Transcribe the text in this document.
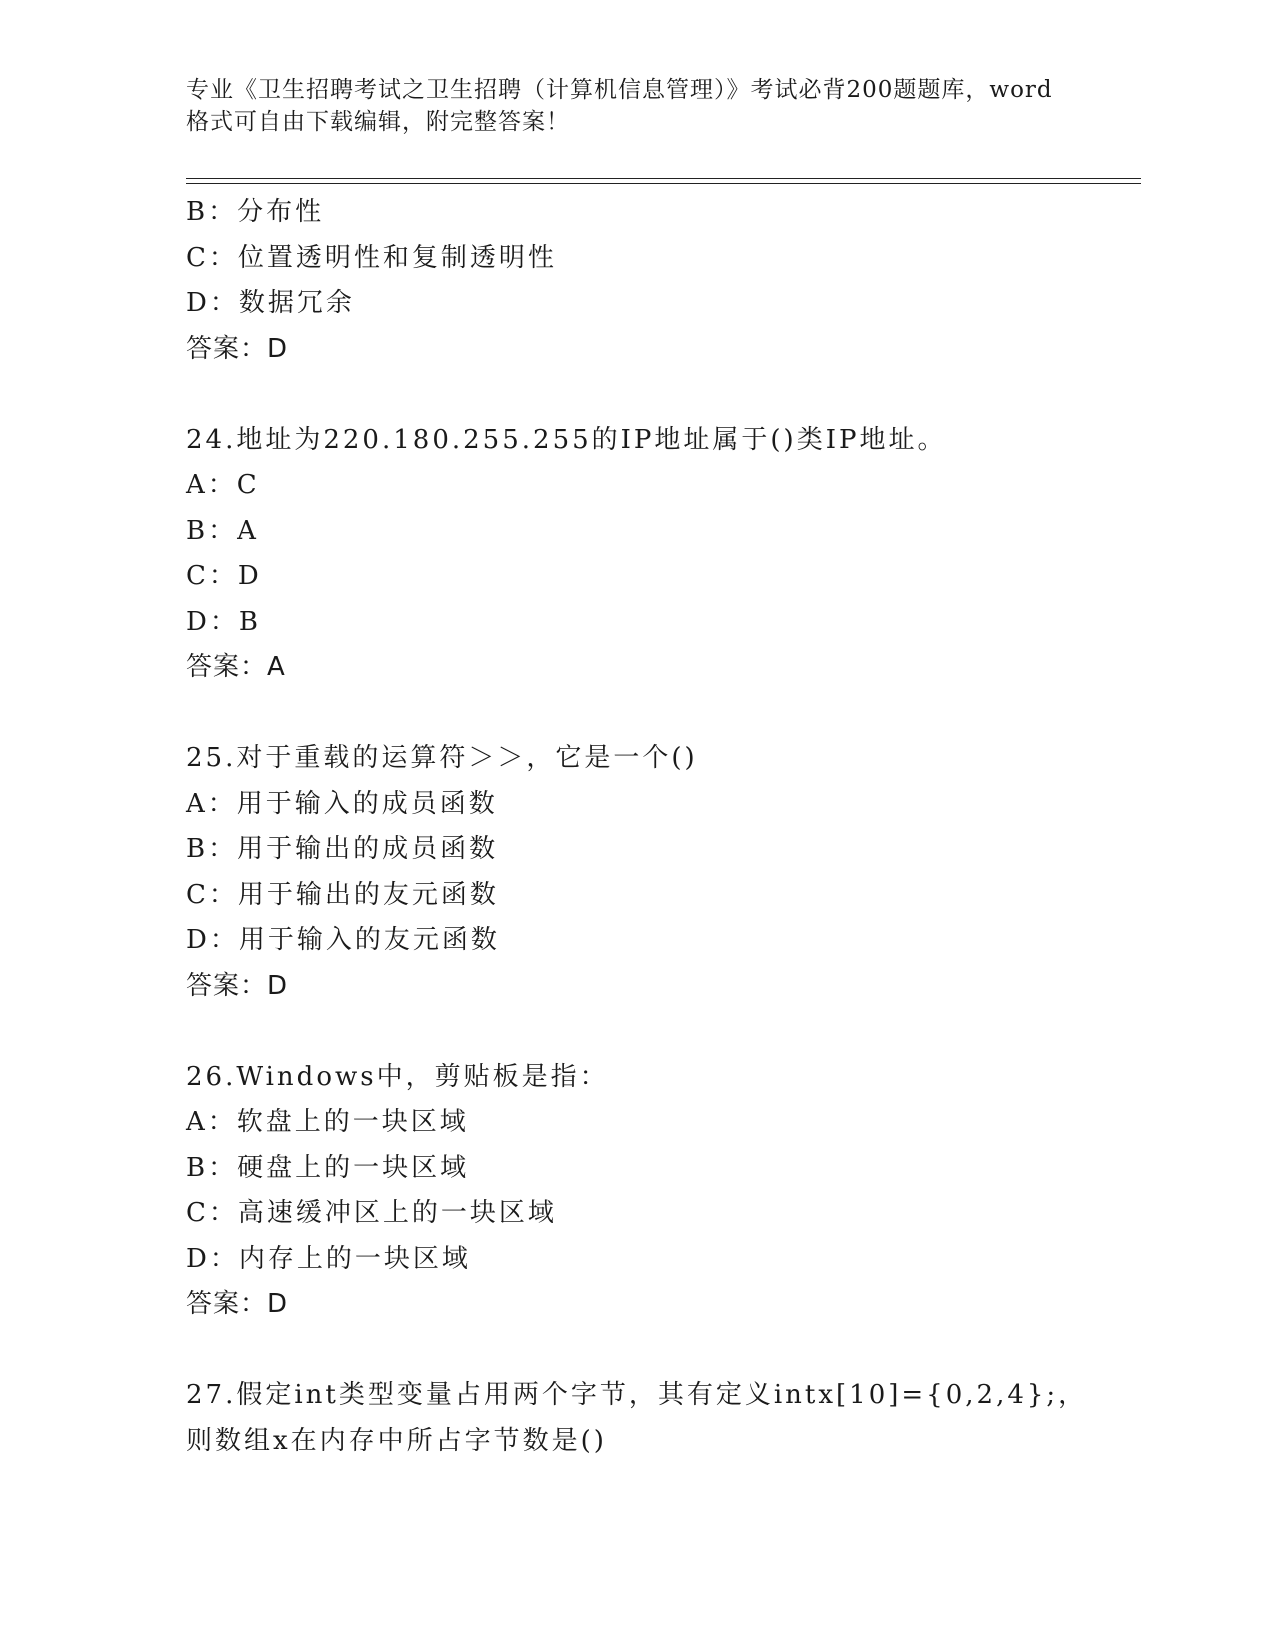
专业《卫生招聘考试之卫生招聘（计算机信息管理）》考试必背200题题库，word
格式可自由下载编辑，附完整答案！
B：分布性
C：位置透明性和复制透明性
D：数据冗余
答案：D
24.地址为220.180.255.255的IP地址属于()类IP地址。
A：C
B：A
C：D
D：B
答案：A
25.对于重载的运算符＞＞，它是一个()
A：用于输入的成员函数
B：用于输出的成员函数
C：用于输出的友元函数
D：用于输入的友元函数
答案：D
26.Windows中，剪贴板是指：
A：软盘上的一块区域
B：硬盘上的一块区域
C：高速缓冲区上的一块区域
D：内存上的一块区域
答案：D
27.假定int类型变量占用两个字节，其有定义intx[10]={0,2,4};，
则数组x在内存中所占字节数是()
